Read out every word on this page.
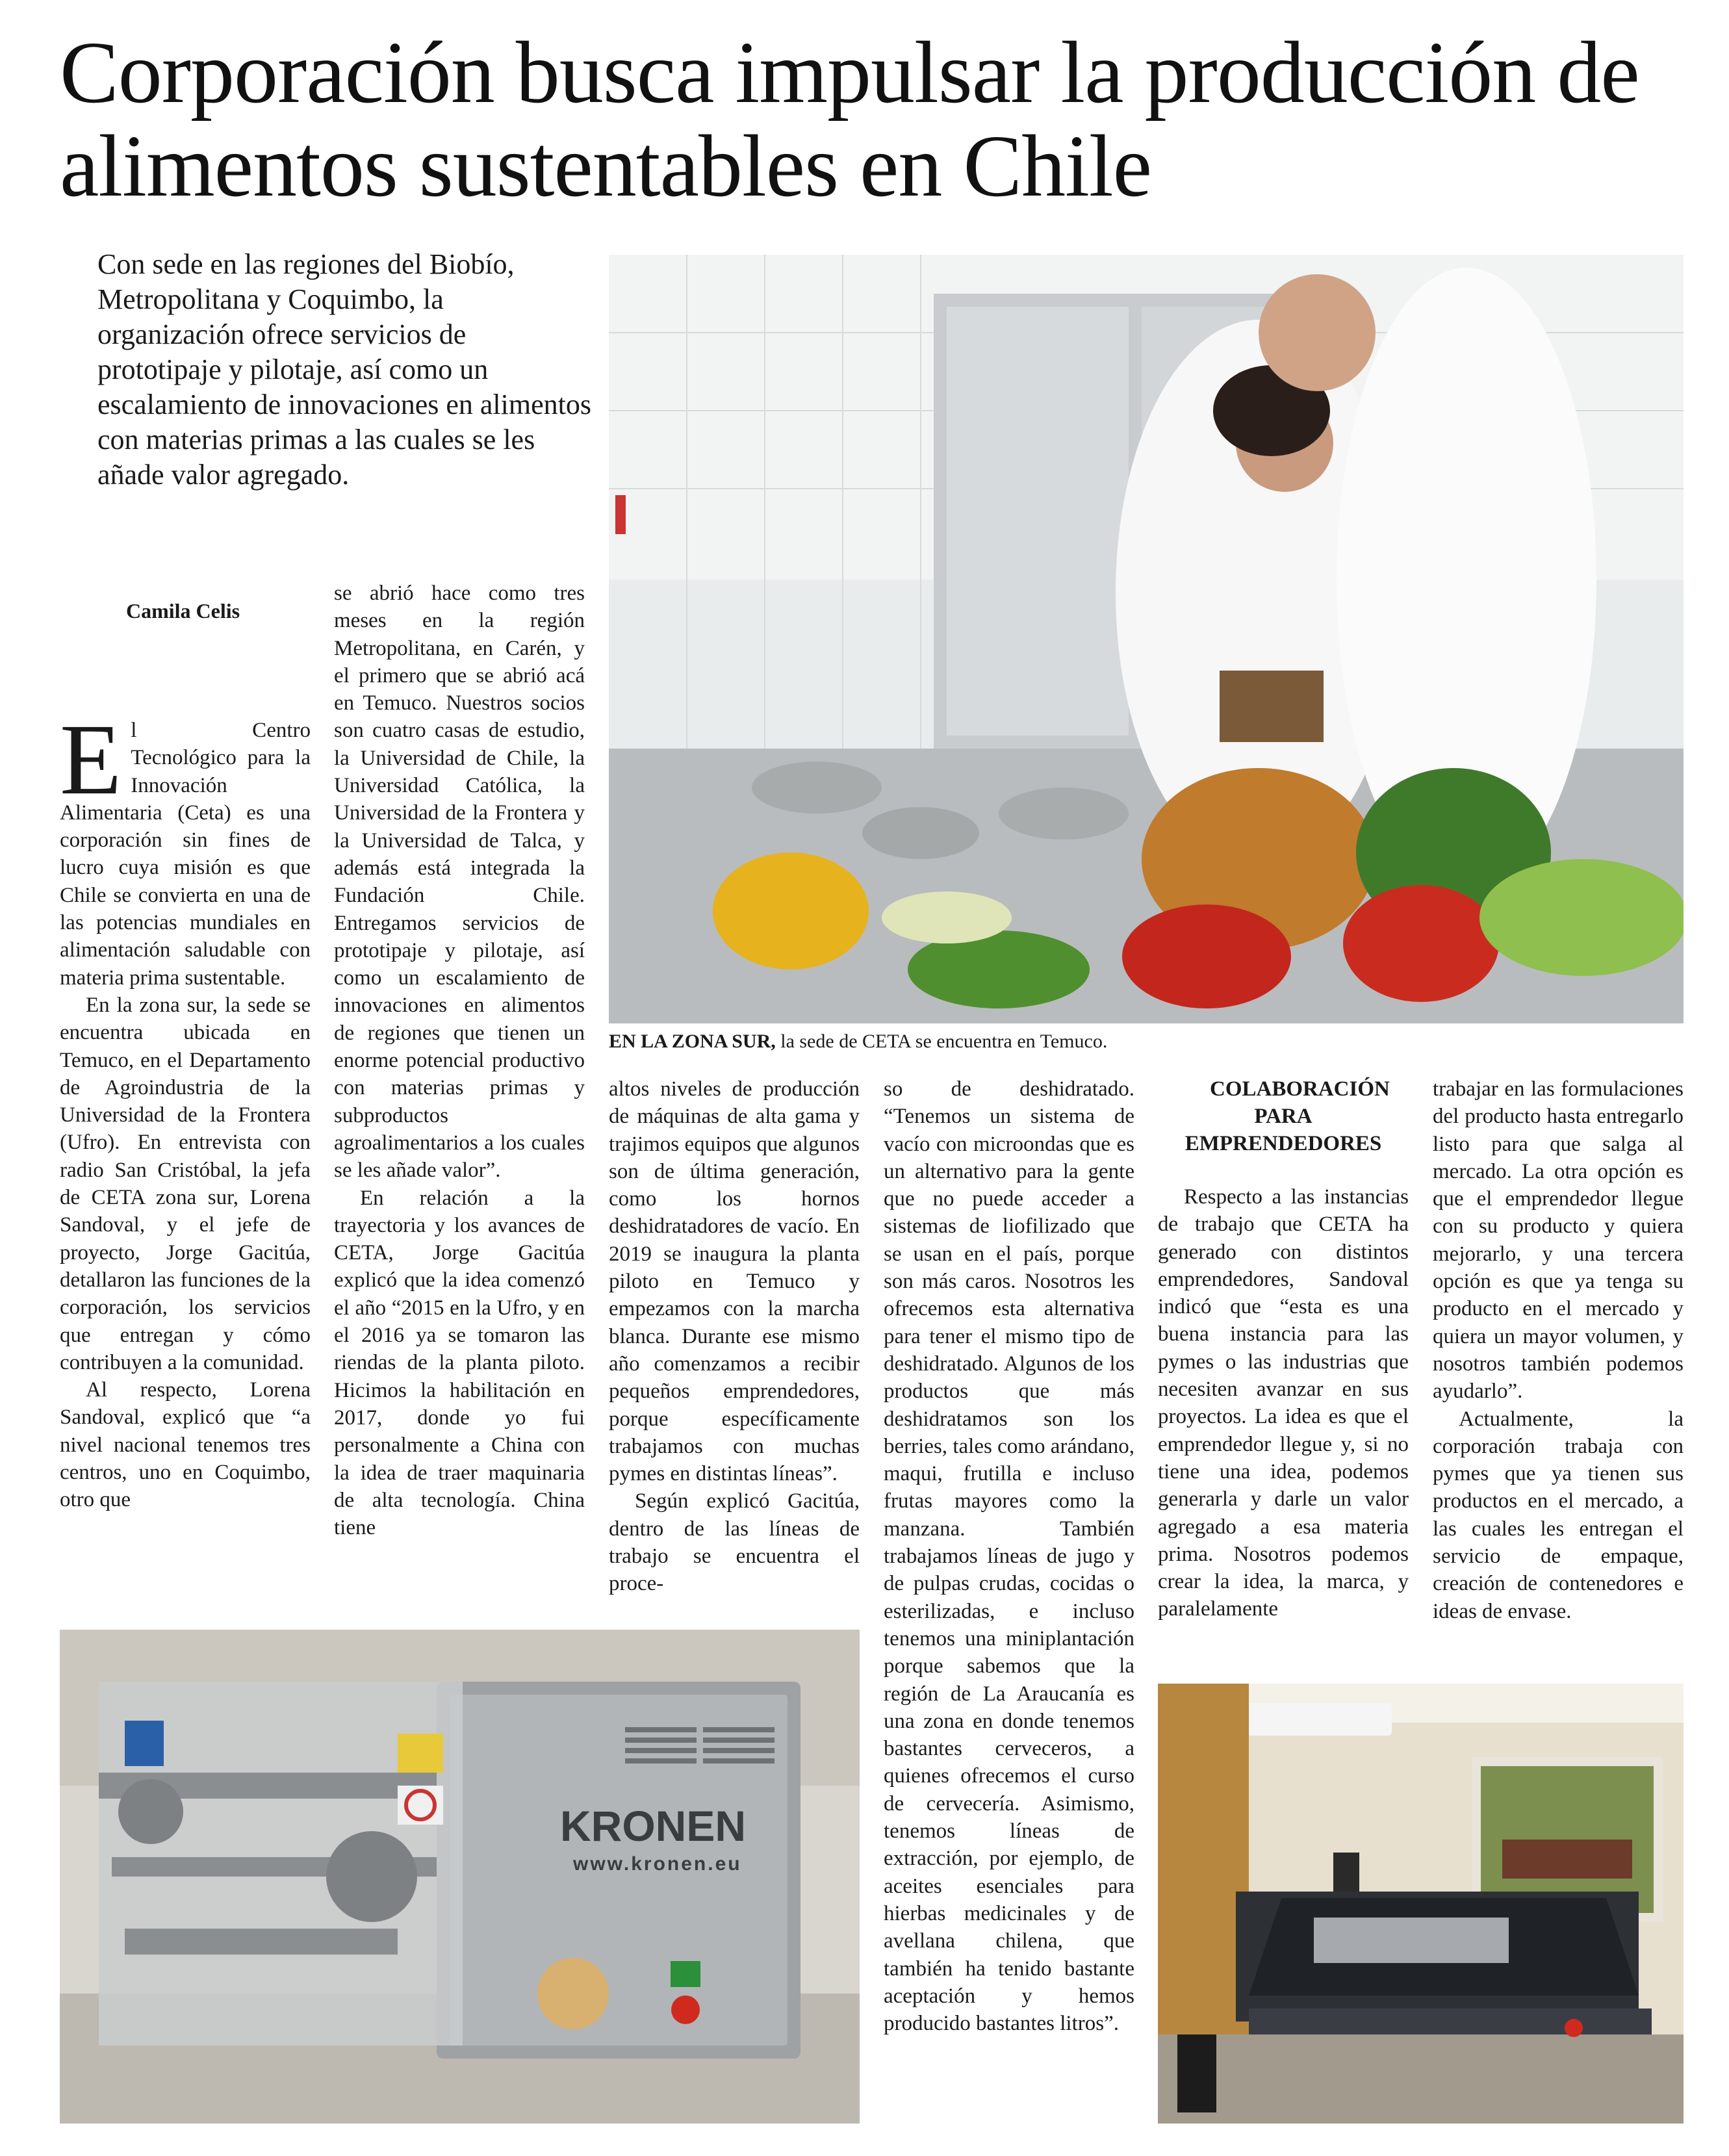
Corporación busca impulsar la producción de alimentos sustentables en Chile

Con sede en las regiones del Biobío, Metropolitana y Coquimbo, la organización ofrece servicios de prototipaje y pilotaje, así como un escalamiento de innovaciones en alimentos con materias primas a las cuales se les añade valor agregado.

Camila Celis
EN LA ZONA SUR, la sede de CETA se encuentra en Temuco.

El Centro Tecnológico para la Innovación Alimentaria (Ceta) es una corporación sin fines de lucro cuya misión es que Chile se convierta en una de las potencias mundiales en alimentación saludable con materia prima sustentable.

En la zona sur, la sede se encuentra ubicada en Temuco, en el Departamento de Agroindustria de la Universidad de la Frontera (Ufro). En entrevista con radio San Cristóbal, la jefa de CETA zona sur, Lorena Sandoval, y el jefe de proyecto, Jorge Gacitúa, detallaron las funciones de la corporación, los servicios que entregan y cómo contribuyen a la comunidad.

Al respecto, Lorena Sandoval, explicó que “a nivel nacional tenemos tres centros, uno en Coquimbo, otro que

se abrió hace como tres meses en la región Metropolitana, en Carén, y el primero que se abrió acá en Temuco. Nuestros socios son cuatro casas de estudio, la Universidad de Chile, la Universidad Católica, la Universidad de la Frontera y la Universidad de Talca, y además está integrada la Fundación Chile. Entregamos servicios de prototipaje y pilotaje, así como un escalamiento de innovaciones en alimentos de regiones que tienen un enorme potencial productivo con materias primas y subproductos agroalimentarios a los cuales se les añade valor”.

En relación a la trayectoria y los avances de CETA, Jorge Gacitúa explicó que la idea comenzó el año “2015 en la Ufro, y en el 2016 ya se tomaron las riendas de la planta piloto. Hicimos la habilitación en 2017, donde yo fui personalmente a China con la idea de traer maquinaria de alta tecnología. China tiene

altos niveles de producción de máquinas de alta gama y trajimos equipos que algunos son de última generación, como los hornos deshidratadores de vacío. En 2019 se inaugura la planta piloto en Temuco y empezamos con la marcha blanca. Durante ese mismo año comenzamos a recibir pequeños emprendedores, porque específicamente trabajamos con muchas pymes en distintas líneas”.

Según explicó Gacitúa, dentro de las líneas de trabajo se encuentra el proce-

so de deshidratado. “Tenemos un sistema de vacío con microondas que es un alternativo para la gente que no puede acceder a sistemas de liofilizado que se usan en el país, porque son más caros. Nosotros les ofrecemos esta alternativa para tener el mismo tipo de deshidratado. Algunos de los productos que más deshidratamos son los berries, tales como arándano, maqui, frutilla e incluso frutas mayores como la manzana. También trabajamos líneas de jugo y de pulpas crudas, cocidas o esterilizadas, e incluso tenemos una miniplantación porque sabemos que la región de La Araucanía es una zona en donde tenemos bastantes cerveceros, a quienes ofrecemos el curso de cervecería. Asimismo, tenemos líneas de extracción, por ejemplo, de aceites esenciales para hierbas medicinales y de avellana chilena, que también ha tenido bastante aceptación y hemos producido bastantes litros”.

COLABORACIÓN PARA EMPRENDEDORES

Respecto a las instancias de trabajo que CETA ha generado con distintos emprendedores, Sandoval indicó que “esta es una buena instancia para las pymes o las industrias que necesiten avanzar en sus proyectos. La idea es que el emprendedor llegue y, si no tiene una idea, podemos generarla y darle un valor agregado a esa materia prima. Nosotros podemos crear la idea, la marca, y paralelamente

trabajar en las formulaciones del producto hasta entregarlo listo para que salga al mercado. La otra opción es que el emprendedor llegue con su producto y quiera mejorarlo, y una tercera opción es que ya tenga su producto en el mercado y quiera un mayor volumen, y nosotros también podemos ayudarlo”.

Actualmente, la corporación trabaja con pymes que ya tienen sus productos en el mercado, a las cuales les entregan el servicio de empaque, creación de contenedores e ideas de envase.

KRONEN
www.kronen.eu
